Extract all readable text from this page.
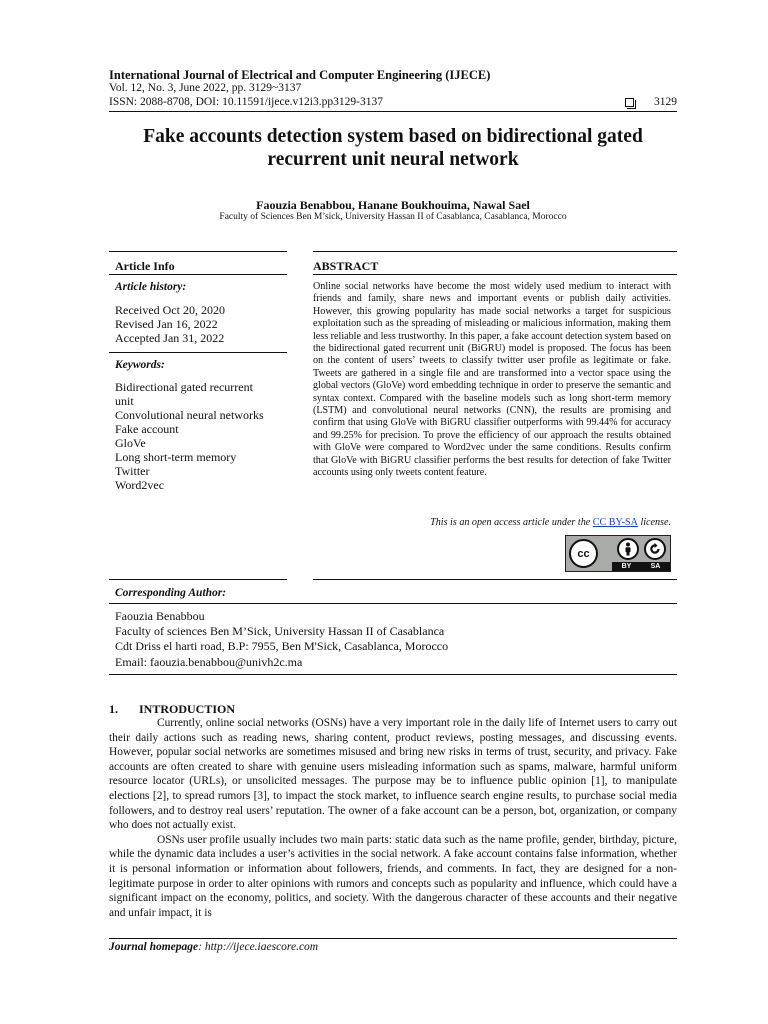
International Journal of Electrical and Computer Engineering (IJECE)
Vol. 12, No. 3, June 2022, pp. 3129~3137
ISSN: 2088-8708, DOI: 10.11591/ijece.v12i3.pp3129-3137	3129
Fake accounts detection system based on bidirectional gated
recurrent unit neural network
Faouzia Benabbou, Hanane Boukhouima, Nawal Sael
Faculty of Sciences Ben M’sick, University Hassan II of Casablanca, Casablanca, Morocco
Article Info
Article history:
Received Oct 20, 2020
Revised Jan 16, 2022
Accepted Jan 31, 2022
Keywords:
Bidirectional gated recurrent
unit
Convolutional neural networks
Fake account
GloVe
Long short-term memory
Twitter
Word2vec
ABSTRACT
Online social networks have become the most widely used medium to interact with friends and family, share news and important events or publish daily activities. However, this growing popularity has made social networks a target for suspicious exploitation such as the spreading of misleading or malicious information, making them less reliable and less trustworthy. In this paper, a fake account detection system based on the bidirectional gated recurrent unit (BiGRU) model is proposed. The focus has been on the content of users’ tweets to classify twitter user profile as legitimate or fake. Tweets are gathered in a single file and are transformed into a vector space using the global vectors (GloVe) word embedding technique in order to preserve the semantic and syntax context. Compared with the baseline models such as long short-term memory (LSTM) and convolutional neural networks (CNN), the results are promising and confirm that using GloVe with BiGRU classifier outperforms with 99.44% for accuracy and 99.25% for precision. To prove the efficiency of our approach the results obtained with GloVe were compared to Word2vec under the same conditions. Results confirm that GloVe with BiGRU classifier performs the best results for detection of fake Twitter accounts using only tweets content feature.
This is an open access article under the CC BY-SA license.
cc
BY	SA
Corresponding Author:
Faouzia Benabbou
Faculty of sciences Ben M’Sick, University Hassan II of Casablanca
Cdt Driss el harti road, B.P: 7955, Ben M'Sick, Casablanca, Morocco
Email: faouzia.benabbou@univh2c.ma
1.       INTRODUCTION

Currently, online social networks (OSNs) have a very important role in the daily life of Internet users to carry out their daily actions such as reading news, sharing content, product reviews, posting messages, and discussing events. However, popular social networks are sometimes misused and bring new risks in terms of trust, security, and privacy. Fake accounts are often created to share with genuine users misleading information such as spams, malware, harmful uniform resource locator (URLs), or unsolicited messages. The purpose may be to influence public opinion [1], to manipulate elections [2], to spread rumors [3], to impact the stock market, to influence search engine results, to purchase social media followers, and to destroy real users’ reputation. The owner of a fake account can be a person, bot, organization, or company who does not actually exist.

OSNs user profile usually includes two main parts: static data such as the name profile, gender, birthday, picture, while the dynamic data includes a user’s activities in the social network. A fake account contains false information, whether it is personal information or information about followers, friends, and comments. In fact, they are designed for a non-legitimate purpose in order to alter opinions with rumors and concepts such as popularity and influence, which could have a significant impact on the economy, politics, and society. With the dangerous character of these accounts and their negative and unfair impact, it is

Journal homepage: http://ijece.iaescore.com
